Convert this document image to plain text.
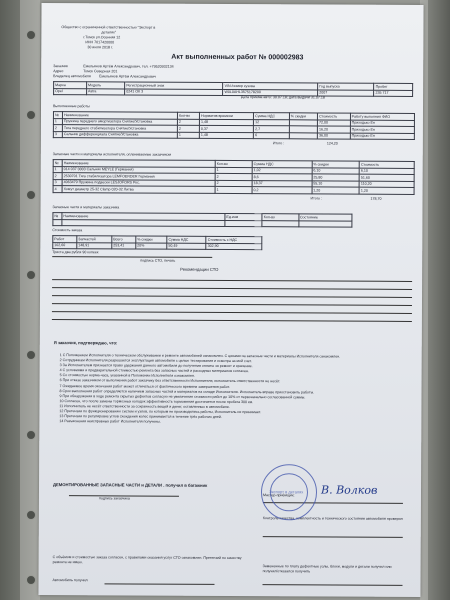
Общество с ограниченной ответственностью "Экспорт в
деталях"
г.Томск ул.Осенняя 12
ИНН 7017420000
30 июля 2018 г.
Акт выполненных работ № 000002983
Заказчик	Емельянов Артём Александрович, тел. +79520932134
Адрес	Томск Северная 201
Владелец автомобиля Емельянов Артём Александрович
Марка	Модель	Регистрационный знак	VIN /номер кузова	Год выпуска	Пробег
Opel	Astra	0241 ОК 3	W0L0AHL3575178200	2007	235 717
Дата приема авто: 30.07.18; дата выдачи 31.07.18
Выполненные работы
№	Наименование	Кол-во	Норматив времени	Сумма НДС	% скидки	Стоимость	Работу выполнил ФИО
1	Пружина переднего амортизатора Снятие/Установка	2	1,48	12		72,00	Приходько Ен
2	Тяга переднего стабилизатора Снятие/Установка	2	0,37	2,7		16,20	Приходько Ен
3	Сальник дифференциала Снятие/Установка	1	1,48	6		36,00	Приходько Ен
Итого :	124,20
Запасные части и материалы исполнителя, оплачиваемые заказчиком
№	Наименование	Кол-во	Сумма НДС	% скидки	Стоимость
1	014 037 0003 Сальник MEYLE (Германия)	1	1,02	6,10	6,10
2	2530701 Тяга стабилизатора LEMFOERDER Германия	2	8,6	25,80	51,60
3	4063479 Пружина подвески LESJOFORS Рос.	2	18,37	55,10	110,20
4	Хомут диаметр 25-32 Clamp 020-32 Литва	1	0,2	1,20	1,20
Итого :	178,70
Запасные части и материалы заказчика
№	Наименование	Ед.изм	Кол-во	Состояние

Стоимость заказа
Работ	Запчастей	Всего	% скидки	Сумма НДС	Стоимость с НДС
102,60	148,91	253,41	20%	50,49	302,90
Триста два рубля 90 копеек
подпись СТО, печать
Рекомендации СТО
Я заказчик, подтверждаю, что:
1 С Положением Исполнителя о техническом обслуживании и ремонте автомобилей ознакомлен. С ценами на запасные части и материалы Исполнителя ознакомлен.
2 Сотрудникам Исполнителя разрешается эксплуатация автомобиля с целью тестирования и осмотра за мой счет.
3 За Исполнителем признается право удержания данного автомобиля до получения оплаты за ремонт и хранение.
4 С условиями и предварительной стоимостью ремонта без запасных частей и расходных материалов согласен.
5 Со стоимостью норма-часа, указанной в Положении Исполнителя ознакомлен.
6 При отказе заказчиком от выполнения работ заказчику без ответственности Исполнителя, исполнитель ответственности не несёт.
7 Ожидаемое время окончания работ может отличаться от фактического времени завершения работ.
8 Срок выполнения работ определяется наличием запасных частей и материалов на складе Исполнителя. Исполнитель вправе приостановить работы.
9 При обнаружении в ходе ремонта скрытых дефектов согласую не увеличение стоимости работ до 10% от первоначально согласованной суммы.
10 Согласен, что после замены тормозных колодок эффективность торможения достигается после пробега 300 км.
11 Исполнитель не несёт ответственности за сохранность вещей и денег, оставленных в автомобиле.
12 Претензии по функционированию систем и узлов, по которым не производились работы, Исполнитель не принимает.
13 Претензии по регулировке углов схождения колес принимаются в течение трёх рабочих дней.
14 Разъяснения неисправных работ Исполнителя получены.
ДЕМОНТИРОВАННЫЕ ЗАПАСНЫЕ ЧАСТИ и ДЕТАЛИ . получил в багажник
подпись заказчика
Мастер-приёмщик: В. Волков
Контроль качества, комплектность и технического состояния автомобиля проверил
Экспорт в деталях
С объёмом и стоимостью заказа согласен, с правилами оказания услуг СТО ознакомлен. Претензий по качеству ремонта не имею.
Автомобиль получил
Замененные по плату дефектные узлы, блоки, модули и детали получил или получил/отказался получить
